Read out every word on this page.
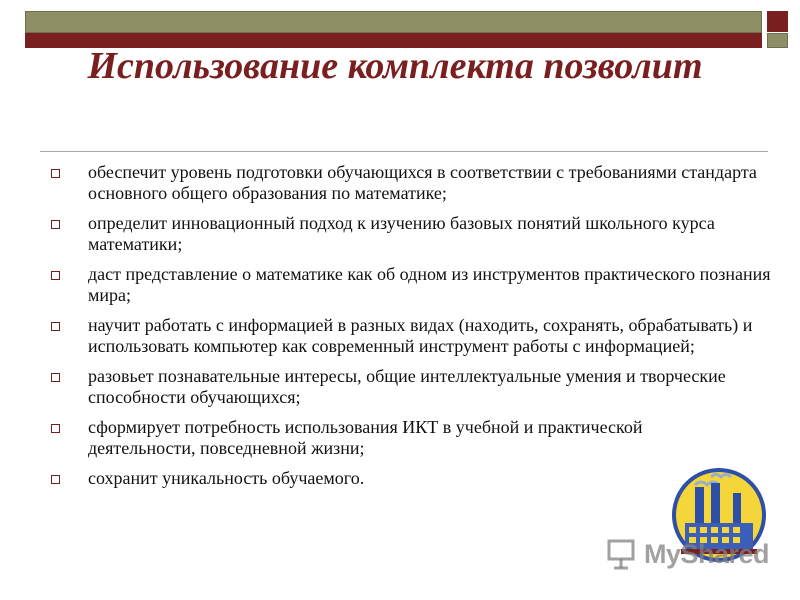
Использование комплекта позволит
обеспечит уровень подготовки обучающихся в соответствии с требованиями стандарта основного общего образования по математике;
определит инновационный подход к изучению базовых понятий школьного курса математики;
даст представление о математике как об одном из инструментов практического познания мира;
научит работать с информацией в разных видах (находить, сохранять, обрабатывать) и использовать компьютер как современный инструмент работы с информацией;
разовьет познавательные интересы, общие интеллектуальные умения и творческие способности обучающихся;
сформирует потребность использования ИКТ в учебной и практической деятельности, повседневной жизни;
сохранит уникальность обучаемого.
MyShared
